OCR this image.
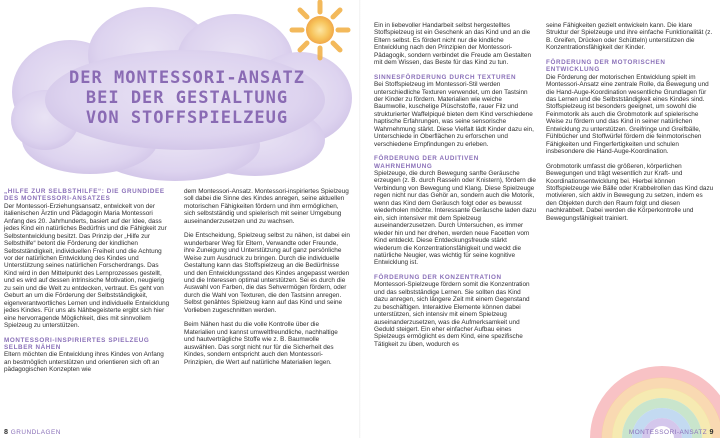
DER MONTESSORI-ANSATZ
BEI DER GESTALTUNG
VON STOFFSPIELZEUG
„HILFE ZUR SELBSTHILFE“: DIE GRUNDIDEE DES MONTESSORI-ANSATZES

Der Montessori-Erziehungsansatz, entwickelt von der italienischen Ärztin und Pädagogin Maria Montessori Anfang des 20. Jahrhunderts, basiert auf der Idee, dass jedes Kind ein natürliches Bedürfnis und die Fähigkeit zur Selbstentwicklung besitzt. Das Prinzip der „Hilfe zur Selbsthilfe“ betont die Förderung der kindlichen Selbstständigkeit, individuellen Freiheit und die Achtung vor der natürlichen Entwicklung des Kindes und Unterstützung seines natürlichen Forscherdrangs. Das Kind wird in den Mittelpunkt des Lernprozesses gestellt, und es wird auf dessen intrinsische Motivation, neugierig zu sein und die Welt zu entdecken, vertraut. Es geht von Geburt an um die Förderung der Selbstständigkeit, eigenverantwortliches Lernen und individuelle Entwicklung jedes Kindes. Für uns als Nähbegeisterte ergibt sich hier eine hervorragende Möglichkeit, dies mit sinnvollem Spielzeug zu unterstützen.

MONTESSORI-INSPIRIERTES SPIELZEUG SELBER NÄHEN

Eltern möchten die Entwicklung ihres Kindes von Anfang an bestmöglich unterstützen und orientieren sich oft an pädagogischen Konzepten wie

dem Montessori-Ansatz. Montessori-inspiriertes Spielzeug soll dabei die Sinne des Kindes anregen, seine aktuellen motorischen Fähigkeiten fördern und ihm ermöglichen, sich selbstständig und spielerisch mit seiner Umgebung auseinanderzusetzen und zu wachsen.

Die Entscheidung, Spielzeug selbst zu nähen, ist dabei ein wunderbarer Weg für Eltern, Verwandte oder Freunde, ihre Zuneigung und Unterstützung auf ganz persönliche Weise zum Ausdruck zu bringen. Durch die individuelle Gestaltung kann das Stoffspielzeug an die Bedürfnisse und den Entwicklungsstand des Kindes angepasst werden und die Interessen optimal unterstützen. Sei es durch die Auswahl von Farben, die das Sehvermögen fördern, oder durch die Wahl von Texturen, die den Tastsinn anregen. Selbst genähtes Spielzeug kann auf das Kind und seine Vorlieben zugeschnitten werden.

Beim Nähen hast du die volle Kontrolle über die Materialien und kannst umweltfreundliche, nachhaltige und hautverträgliche Stoffe wie z. B. Baumwolle auswählen. Das sorgt nicht nur für die Sicherheit des Kindes, sondern entspricht auch den Montessori-Prinzipien, die Wert auf natürliche Materialien legen.

Ein in liebevoller Handarbeit selbst hergestelltes Stoffspielzeug ist ein Geschenk an das Kind und an die Eltern selbst. Es fördert nicht nur die kindliche Entwicklung nach den Prinzipien der Montessori-Pädagogik, sondern verbindet die Freude am Gestalten mit dem Wissen, das Beste für das Kind zu tun.

SINNESFÖRDERUNG DURCH TEXTUREN

Bei Stoffspielzeug im Montessori-Stil werden unterschiedliche Texturen verwendet, um den Tastsinn der Kinder zu fördern. Materialien wie weiche Baumwolle, kuschelige Plüschstoffe, rauer Filz und strukturierter Waffelpiqué bieten dem Kind verschiedene haptische Erfahrungen, was seine sensorische Wahrnehmung stärkt. Diese Vielfalt lädt Kinder dazu ein, Unterschiede in Oberflächen zu erforschen und verschiedene Empfindungen zu erleben.

FÖRDERUNG DER AUDITIVEN WAHRNEHMUNG

Spielzeuge, die durch Bewegung sanfte Geräusche erzeugen (z. B. durch Rasseln oder Knistern), fördern die Verbindung von Bewegung und Klang. Diese Spielzeuge regen nicht nur das Gehör an, sondern auch die Motorik, wenn das Kind dem Geräusch folgt oder es bewusst wiederholen möchte. Interessante Geräusche laden dazu ein, sich intensiver mit dem Spielzeug auseinanderzusetzen. Durch Untersuchen, es immer wieder hin und her drehen, werden neue Facetten vom Kind entdeckt. Diese Entdeckungsfreude stärkt wiederum die Konzentrationsfähigkeit und weckt die natürliche Neugier, was wichtig für seine kognitive Entwicklung ist.

FÖRDERUNG DER KONZENTRATION

Montessori-Spielzeuge fördern somit die Konzentration und das selbstständige Lernen. Sie sollten das Kind dazu anregen, sich längere Zeit mit einem Gegenstand zu beschäftigen. Interaktive Elemente können dabei unterstützen, sich intensiv mit einem Spielzeug auseinanderzusetzen, was die Aufmerksamkeit und Geduld steigert. Ein eher einfacher Aufbau eines Spielzeugs ermöglicht es dem Kind, eine spezifische Tätigkeit zu üben, wodurch es

seine Fähigkeiten gezielt entwickeln kann. Die klare Struktur der Spielzeuge und ihre einfache Funktionalität (z. B. Greifen, Drücken oder Schütteln) unterstützen die Konzentrationsfähigkeit der Kinder.

FÖRDERUNG DER MOTORISCHEN ENTWICKLUNG

Die Förderung der motorischen Entwicklung spielt im Montessori-Ansatz eine zentrale Rolle, da Bewegung und die Hand-Auge-Koordination wesentliche Grundlagen für das Lernen und die Selbstständigkeit eines Kindes sind. Stoffspielzeug ist besonders geeignet, um sowohl die Feinmotorik als auch die Grobmotorik auf spielerische Weise zu fördern und das Kind in seiner natürlichen Entwicklung zu unterstützen. Greifringe und Greifbälle, Fühlbücher und Stoffwürfel fördern die feinmotorischen Fähigkeiten und Fingerfertigkeiten und schulen insbesondere die Hand-Auge-Koordination.

Grobmotorik umfasst die größeren, körperlichen Bewegungen und trägt wesentlich zur Kraft- und Koordinationsentwicklung bei. Hierbei können Stoffspielzeuge wie Bälle oder Krabbelrollen das Kind dazu motivieren, sich aktiv in Bewegung zu setzen, indem es den Objekten durch den Raum folgt und diesen nachkrabbelt. Dabei werden die Körperkontrolle und Bewegungsfähigkeit trainiert.

8 GRUNDLAGEN	MONTESSORI-ANSATZ 9
